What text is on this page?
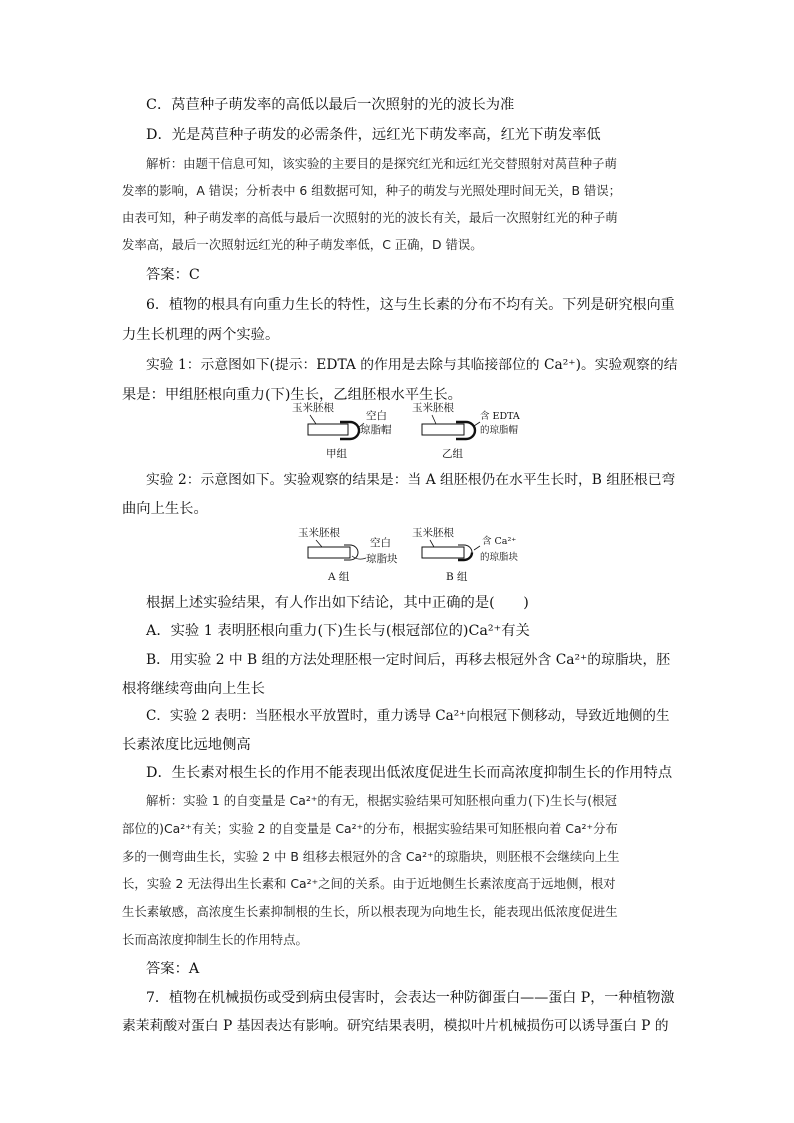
C．莴苣种子萌发率的高低以最后一次照射的光的波长为准

D．光是莴苣种子萌发的必需条件，远红光下萌发率高，红光下萌发率低

解析：由题干信息可知，该实验的主要目的是探究红光和远红光交替照射对莴苣种子萌

发率的影响，A 错误；分析表中 6 组数据可知，种子的萌发与光照处理时间无关，B 错误；

由表可知，种子萌发率的高低与最后一次照射的光的波长有关，最后一次照射红光的种子萌

发率高，最后一次照射远红光的种子萌发率低，C 正确，D 错误。

答案：C

6．植物的根具有向重力生长的特性，这与生长素的分布不均有关。下列是研究根向重

力生长机理的两个实验。

实验 1：示意图如下(提示：EDTA 的作用是去除与其临接部位的 Ca²⁺)。实验观察的结

果是：甲组胚根向重力(下)生长，乙组胚根水平生长。

玉米胚根
空白
琼脂帽
甲组
玉米胚根
含 EDTA
的琼脂帽
乙组

实验 2：示意图如下。实验观察的结果是：当 A 组胚根仍在水平生长时，B 组胚根已弯

曲向上生长。

玉米胚根
空白
琼脂块
A 组
玉米胚根
含 Ca²⁺
的琼脂块
B 组

根据上述实验结果，有人作出如下结论，其中正确的是(　　)

A．实验 1 表明胚根向重力(下)生长与(根冠部位的)Ca²⁺有关

B．用实验 2 中 B 组的方法处理胚根一定时间后，再移去根冠外含 Ca²⁺的琼脂块，胚

根将继续弯曲向上生长

C．实验 2 表明：当胚根水平放置时，重力诱导 Ca²⁺向根冠下侧移动，导致近地侧的生

长素浓度比远地侧高

D．生长素对根生长的作用不能表现出低浓度促进生长而高浓度抑制生长的作用特点

解析：实验 1 的自变量是 Ca²⁺的有无，根据实验结果可知胚根向重力(下)生长与(根冠

部位的)Ca²⁺有关；实验 2 的自变量是 Ca²⁺的分布，根据实验结果可知胚根向着 Ca²⁺分布

多的一侧弯曲生长，实验 2 中 B 组移去根冠外的含 Ca²⁺的琼脂块，则胚根不会继续向上生

长，实验 2 无法得出生长素和 Ca²⁺之间的关系。由于近地侧生长素浓度高于远地侧，根对

生长素敏感，高浓度生长素抑制根的生长，所以根表现为向地生长，能表现出低浓度促进生

长而高浓度抑制生长的作用特点。

答案：A

7．植物在机械损伤或受到病虫侵害时，会表达一种防御蛋白——蛋白 P，一种植物激

素茉莉酸对蛋白 P 基因表达有影响。研究结果表明，模拟叶片机械损伤可以诱导蛋白 P 的
